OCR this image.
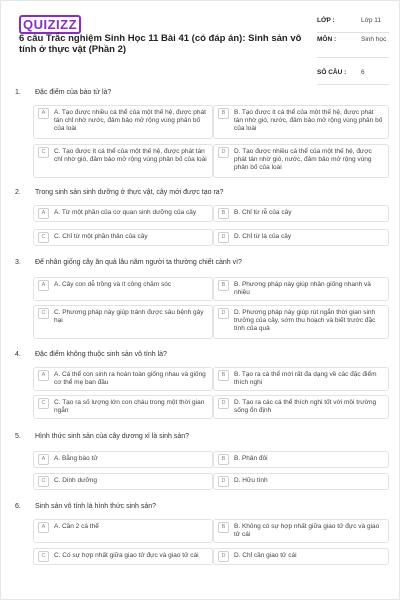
QUIZIZZ
6 câu Trắc nghiệm Sinh Học 11 Bài 41 (có đáp án): Sinh sản vô tính ở thực vật (Phần 2)
LỚP :	Lớp 11
MÔN :	Sinh học
SỐ CÂU : 6
1. Đặc điểm của bào tử là?
A	A. Tạo được nhiều cá thể của một thế hệ, được phát tán chỉ nhờ nước, đảm bảo mở rộng vùng phân bố của loài
B	B. Tạo được ít cá thể của một thế hệ, được phát tán nhờ gió, nước, đảm bảo mở rộng vùng phân bố của loài
C	C. Tạo được ít cá thể của một thế hệ, được phát tán chỉ nhờ gió, đảm bảo mở rộng vùng phân bố của loài
D	D. Tạo được nhiều cá thể của một thế hệ, được phát tán nhờ gió, nước, đảm bảo mở rộng vùng phân bố của loài
2. Trong sinh sản sinh dưỡng ở thực vật, cây mới được tạo ra?
A	A. Từ một phần của cơ quan sinh dưỡng của cây	B	B. Chỉ từ rễ của cây
C	C. Chỉ từ một phần thân của cây	D	D. Chỉ từ lá của cây
3. Để nhân giống cây ăn quả lâu năm người ta thường chiết cành vì?
A	A. Cây con dễ trồng và ít công chăm sóc	B	B. Phương pháp này giúp nhân giống nhanh và nhiều
C	C. Phương pháp này giúp tránh được sâu bệnh gây hại
D	D. Phương pháp này giúp rút ngắn thời gian sinh trưởng của cây, sớm thu hoạch và biết trước đặc tính của quả
4. Đặc điểm không thuộc sinh sản vô tính là?
A	A. Cá thể con sinh ra hoàn toàn giống nhau và giống cơ thể mẹ ban đầu
B	B. Tạo ra cá thể mới rất đa dạng về các đặc điểm thích nghi
C	C. Tạo ra số lượng lớn con cháu trong một thời gian ngắn
D	D. Tạo ra các cá thể thích nghi tốt với môi trường sống ổn định
5. Hình thức sinh sản của cây dương xỉ là sinh sản?
A	A. Bằng bào tử	B	B. Phân đôi
C	C. Dinh dưỡng	D	D. Hữu tính
6. Sinh sản vô tính là hình thức sinh sản?
A	A. Cần 2 cá thể	B	B. Không có sự hợp nhất giữa giao tử đực và giao tử cái
C	C. Có sự hợp nhất giữa giao tử đực và giao tử cái	D	D. Chỉ cần giao tử cái
